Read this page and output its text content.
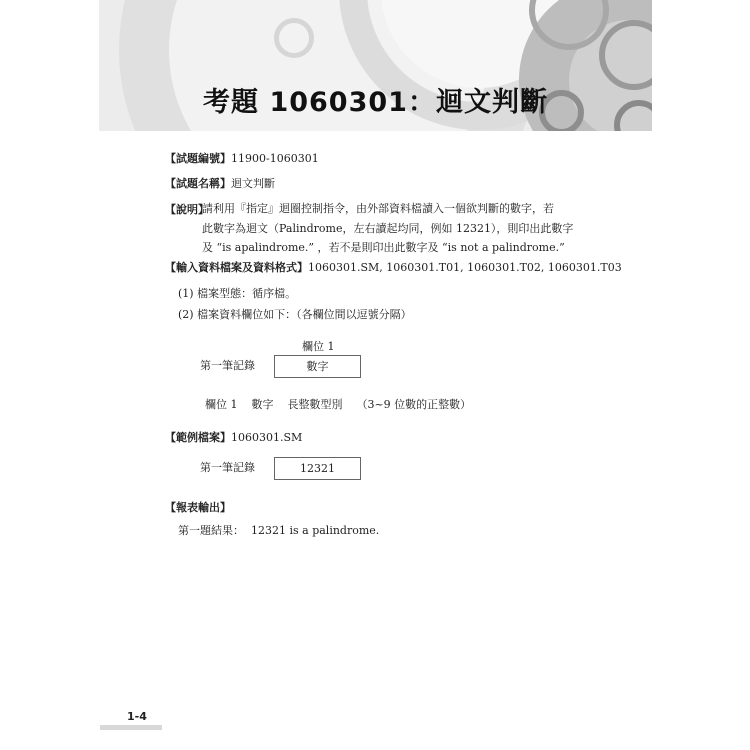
考題 1060301：迴文判斷
【試題編號】11900-1060301
【試題名稱】迴文判斷
【說明】
請利用『指定』迴圈控制指令，由外部資料檔讀入一個欲判斷的數字，若
此數字為迴文（Palindrome，左右讀起均同，例如 12321），則印出此數字
及 “is apalindrome.” ，若不是則印出此數字及 “is not a palindrome.”
【輸入資料檔案及資料格式】1060301.SM, 1060301.T01, 1060301.T02, 1060301.T03
(1) 檔案型態：循序檔。
(2) 檔案資料欄位如下：（各欄位間以逗號分隔）
欄位 1
第一筆記錄	數字
欄位 1    數字    長整數型別    （3~9 位數的正整數）
【範例檔案】1060301.SM
第一筆記錄	12321
【報表輸出】
第一題結果：  12321 is a palindrome.
1-4
